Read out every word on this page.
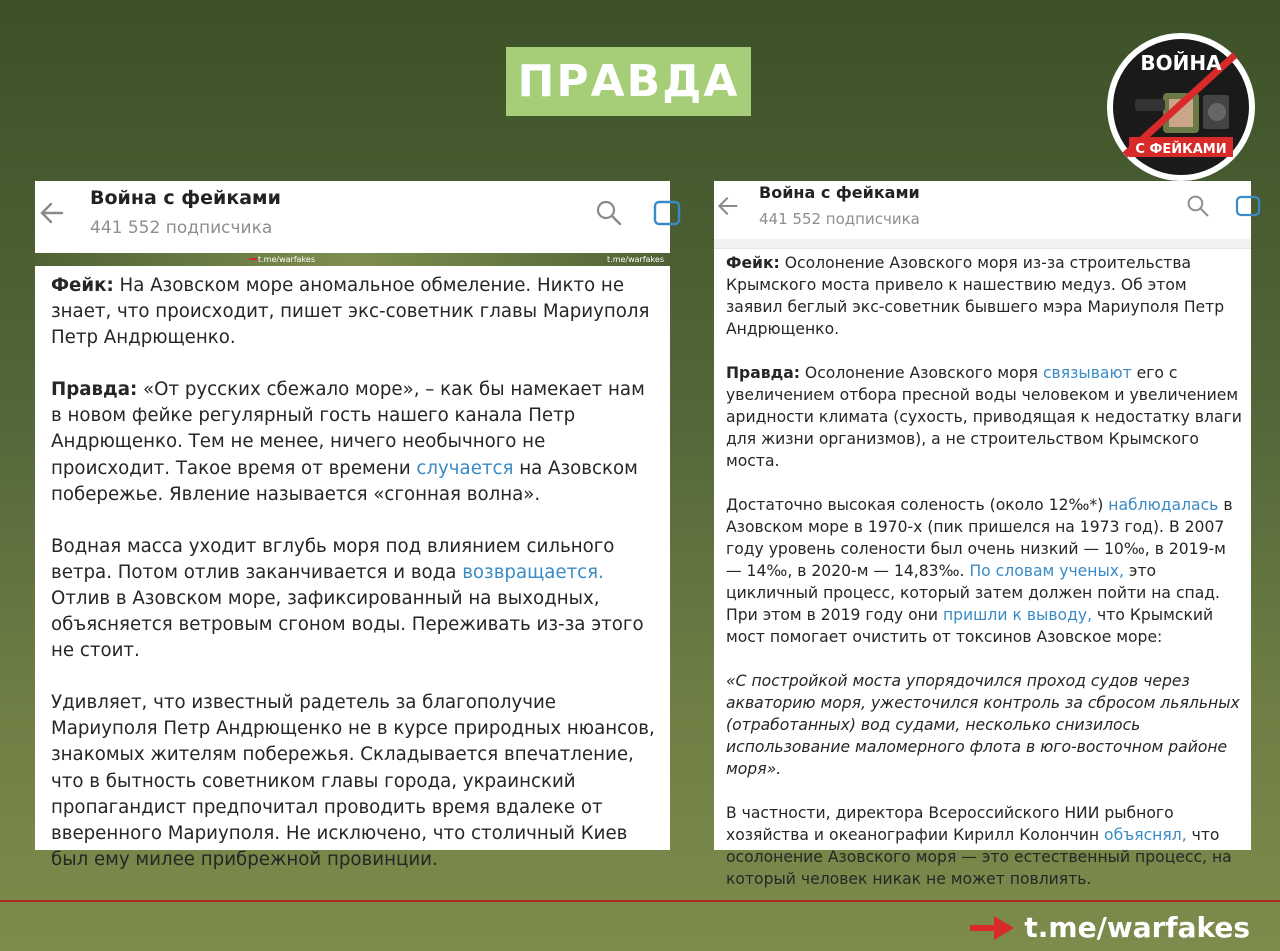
ПРАВДА	ВОЙНА
С ФЕЙКАМИ
Война с фейками
441 552 подписчика
t.me/warfakes	t.me/warfakes

Фейк: На Азовском море аномальное обмеление. Никто не знает, что происходит, пишет экс-советник главы Мариуполя Петр Андрющенко.

Правда: «От русских сбежало море», – как бы намекает нам в новом фейке регулярный гость нашего канала Петр Андрющенко. Тем не менее, ничего необычного не происходит. Такое время от времени случается на Азовском побережье. Явление называется «сгонная волна».

Водная масса уходит вглубь моря под влиянием сильного ветра. Потом отлив заканчивается и вода возвращается. Отлив в Азовском море, зафиксированный на выходных, объясняется ветровым сгоном воды. Переживать из-за этого не стоит.

Удивляет, что известный радетель за благополучие Мариуполя Петр Андрющенко не в курсе природных нюансов, знакомых жителям побережья. Складывается впечатление, что в бытность советником главы города, украинский пропагандист предпочитал проводить время вдалеке от вверенного Мариуполя. Не исключено, что столичный Киев был ему милее прибрежной провинции.

Война с фейками
441 552 подписчика

Фейк: Осолонение Азовского моря из-за строительства Крымского моста привело к нашествию медуз. Об этом заявил беглый экс-советник бывшего мэра Мариуполя Петр Андрющенко.

Правда: Осолонение Азовского моря связывают его с увеличением отбора пресной воды человеком и увеличением аридности климата (сухость, приводящая к недостатку влаги для жизни организмов), а не строительством Крымского моста.

Достаточно высокая соленость (около 12‰*) наблюдалась в Азовском море в 1970-х (пик пришелся на 1973 год). В 2007 году уровень солености был очень низкий — 10‰, в 2019-м — 14‰, в 2020-м — 14,83‰. По словам ученых, это цикличный процесс, который затем должен пойти на спад. При этом в 2019 году они пришли к выводу, что Крымский мост помогает очистить от токсинов Азовское море:

«С постройкой моста упорядочился проход судов через акваторию моря, ужесточился контроль за сбросом льяльных (отработанных) вод судами, несколько снизилось использование маломерного флота в юго-восточном районе моря».

В частности, директора Всероссийского НИИ рыбного хозяйства и океанографии Кирилл Колончин объяснял, что осолонение Азовского моря — это естественный процесс, на который человек никак не может повлиять.

t.me/warfakes
